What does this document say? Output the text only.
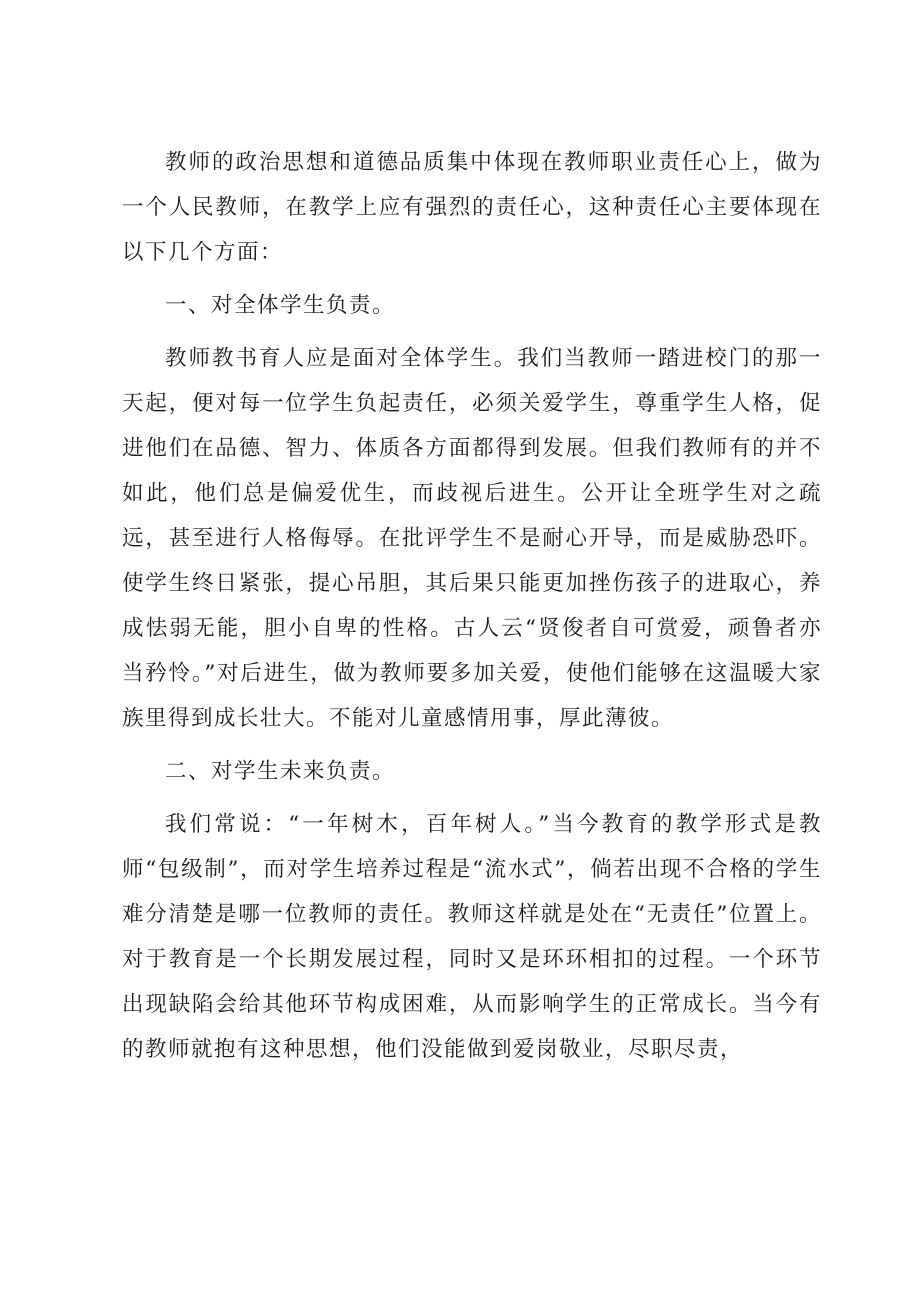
教师的政治思想和道德品质集中体现在教师职业责任心上，做为一个人民教师，在教学上应有强烈的责任心，这种责任心主要体现在以下几个方面：

一、对全体学生负责。

教师教书育人应是面对全体学生。我们当教师一踏进校门的那一天起，便对每一位学生负起责任，必须关爱学生，尊重学生人格，促进他们在品德、智力、体质各方面都得到发展。但我们教师有的并不如此，他们总是偏爱优生，而歧视后进生。公开让全班学生对之疏远，甚至进行人格侮辱。在批评学生不是耐心开导，而是威胁恐吓。使学生终日紧张，提心吊胆，其后果只能更加挫伤孩子的进取心，养成怯弱无能，胆小自卑的性格。古人云“贤俊者自可赏爱，顽鲁者亦当矜怜。”对后进生，做为教师要多加关爱，使他们能够在这温暖大家族里得到成长壮大。不能对儿童感情用事，厚此薄彼。

二、对学生未来负责。

我们常说：“一年树木，百年树人。”当今教育的教学形式是教师“包级制”，而对学生培养过程是“流水式”，倘若出现不合格的学生难分清楚是哪一位教师的责任。教师这样就是处在“无责任”位置上。对于教育是一个长期发展过程，同时又是环环相扣的过程。一个环节出现缺陷会给其他环节构成困难，从而影响学生的正常成长。当今有的教师就抱有这种思想，他们没能做到爱岗敬业，尽职尽责，
